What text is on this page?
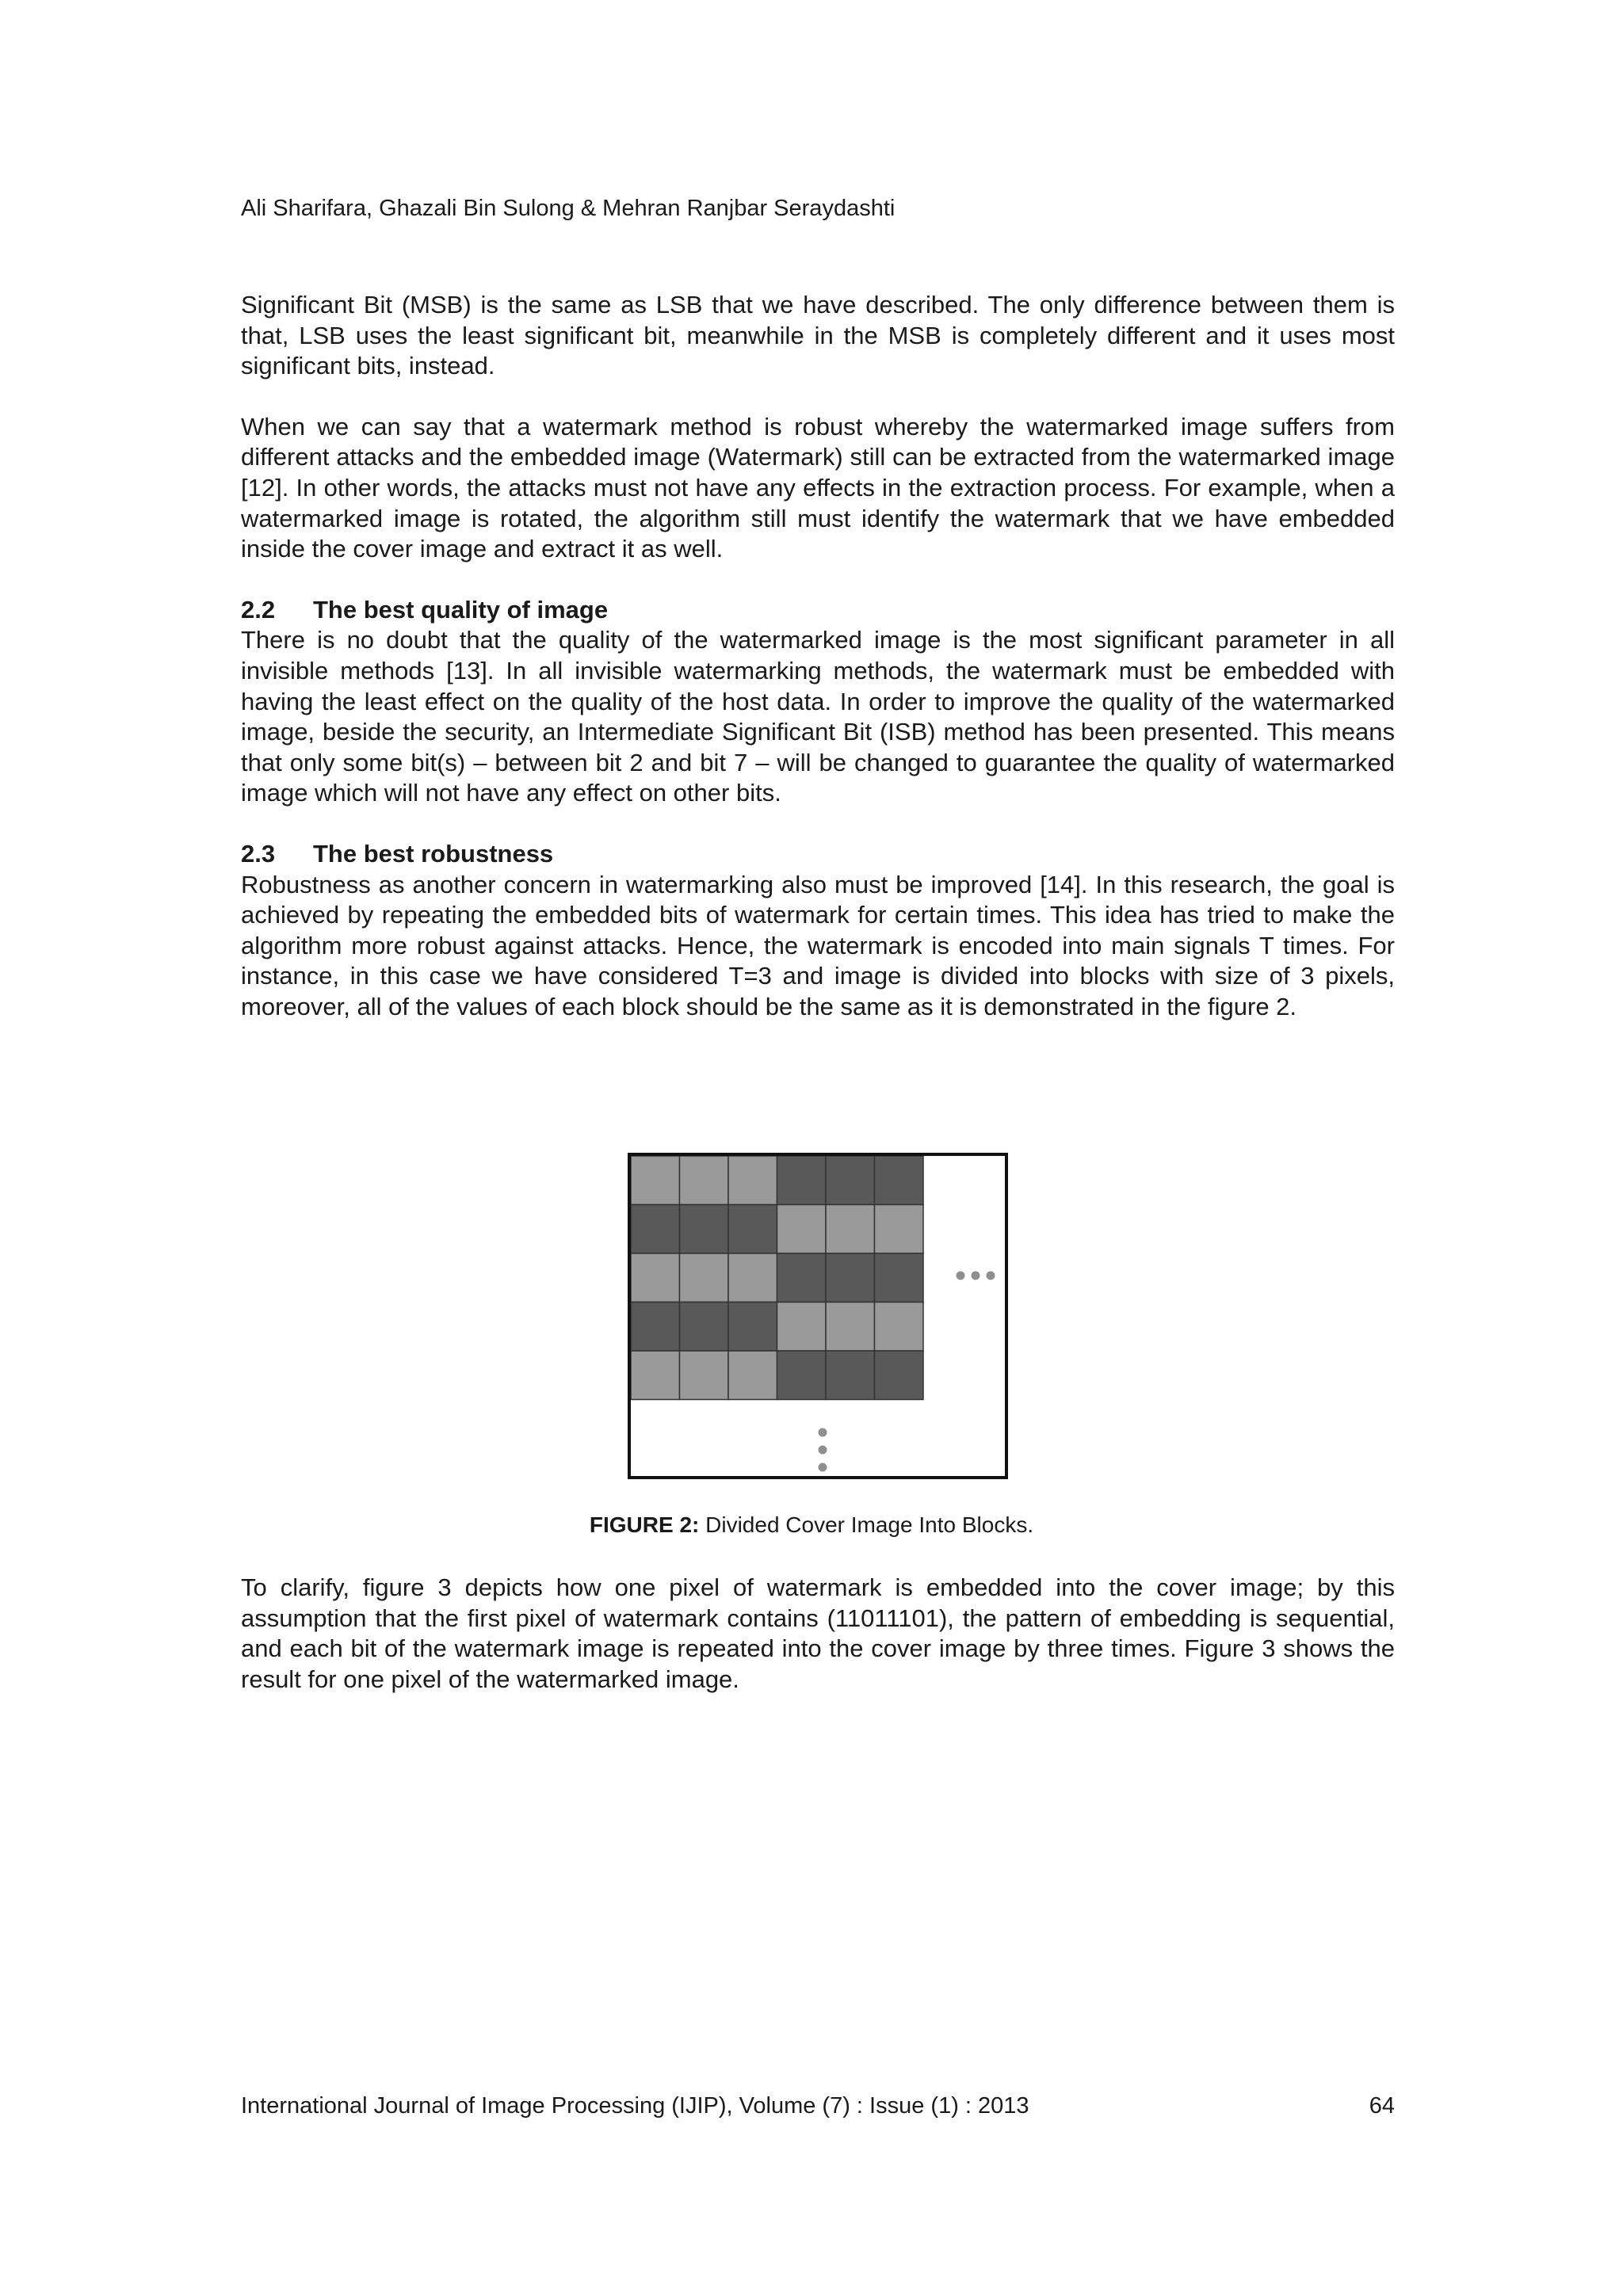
Ali Sharifara, Ghazali Bin Sulong & Mehran Ranjbar Seraydashti

Significant Bit (MSB) is the same as LSB that we have described. The only difference between them is that, LSB uses the least significant bit, meanwhile in the MSB is completely different and it uses most significant bits, instead.

When we can say that a watermark method is robust whereby the watermarked image suffers from different attacks and the embedded image (Watermark) still can be extracted from the watermarked image [12]. In other words, the attacks must not have any effects in the extraction process. For example, when a watermarked image is rotated, the algorithm still must identify the watermark that we have embedded inside the cover image and extract it as well.

2.2 The best quality of image

There is no doubt that the quality of the watermarked image is the most significant parameter in all invisible methods [13]. In all invisible watermarking methods, the watermark must be embedded with having the least effect on the quality of the host data. In order to improve the quality of the watermarked image, beside the security, an Intermediate Significant Bit (ISB) method has been presented. This means that only some bit(s) – between bit 2 and bit 7 – will be changed to guarantee the quality of watermarked image which will not have any effect on other bits.

2.3 The best robustness

Robustness as another concern in watermarking also must be improved [14]. In this research, the goal is achieved by repeating the embedded bits of watermark for certain times. This idea has tried to make the algorithm more robust against attacks. Hence, the watermark is encoded into main signals T times. For instance, in this case we have considered T=3 and image is divided into blocks with size of 3 pixels, moreover, all of the values of each block should be the same as it is demonstrated in the figure 2.

FIGURE 2: Divided Cover Image Into Blocks.

To clarify, figure 3 depicts how one pixel of watermark is embedded into the cover image; by this assumption that the first pixel of watermark contains (11011101), the pattern of embedding is sequential, and each bit of the watermark image is repeated into the cover image by three times. Figure 3 shows the result for one pixel of the watermarked image.

International Journal of Image Processing (IJIP), Volume (7) : Issue (1) : 2013	64
